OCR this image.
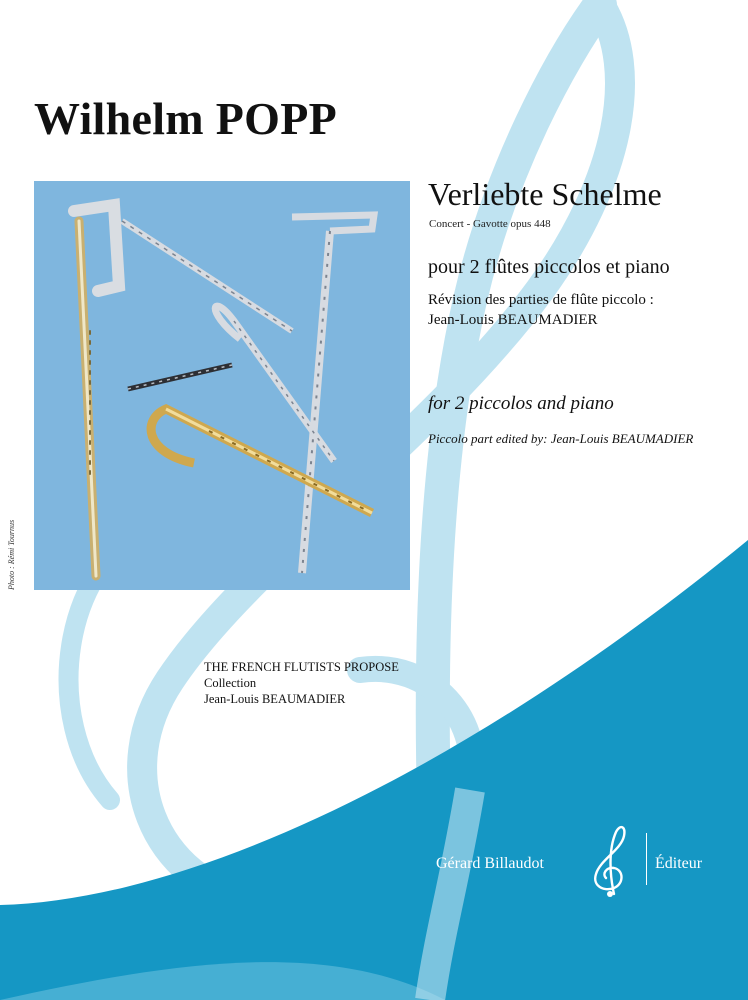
Wilhelm POPP
Photo : Rémi Tournus
Verliebte Schelme
Concert - Gavotte opus 448
pour 2 flûtes piccolos et piano
Révision des parties de flûte piccolo :
Jean-Louis BEAUMADIER
for 2 piccolos and piano
Piccolo part edited by: Jean-Louis BEAUMADIER
THE FRENCH FLUTISTS PROPOSE
Collection
Jean-Louis BEAUMADIER
Gérard Billaudot	Éditeur
